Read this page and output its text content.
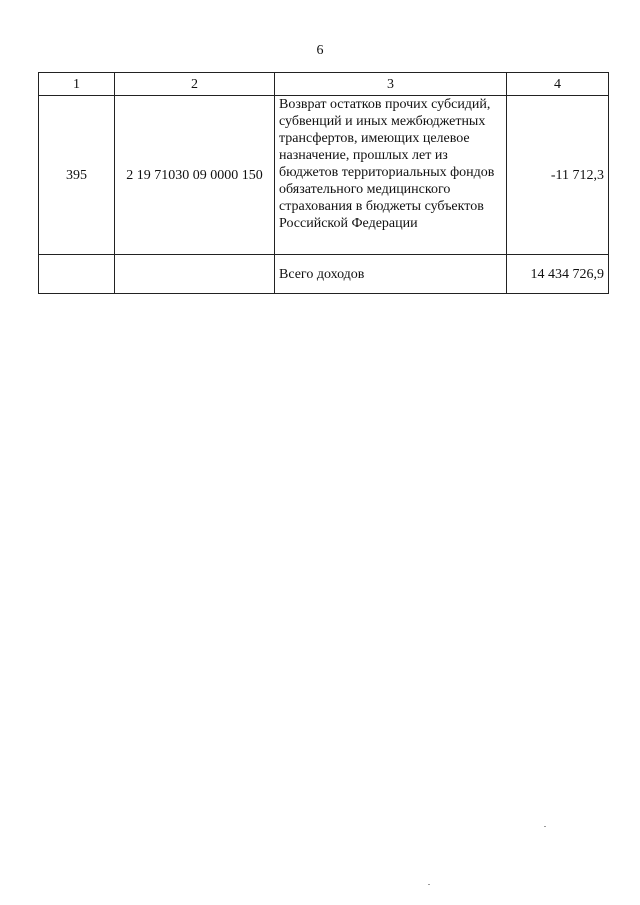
6
1	2	3	4
395	2 19 71030 09 0000 150	Возврат остатков прочих субсидий, субвенций и иных межбюджетных трансфертов, имеющих целевое назначение, прошлых лет из бюджетов территориальных фондов обязательного медицинского страхования в бюджеты субъектов Российской Федерации	-11 712,3
		Всего доходов	14 434 726,9
